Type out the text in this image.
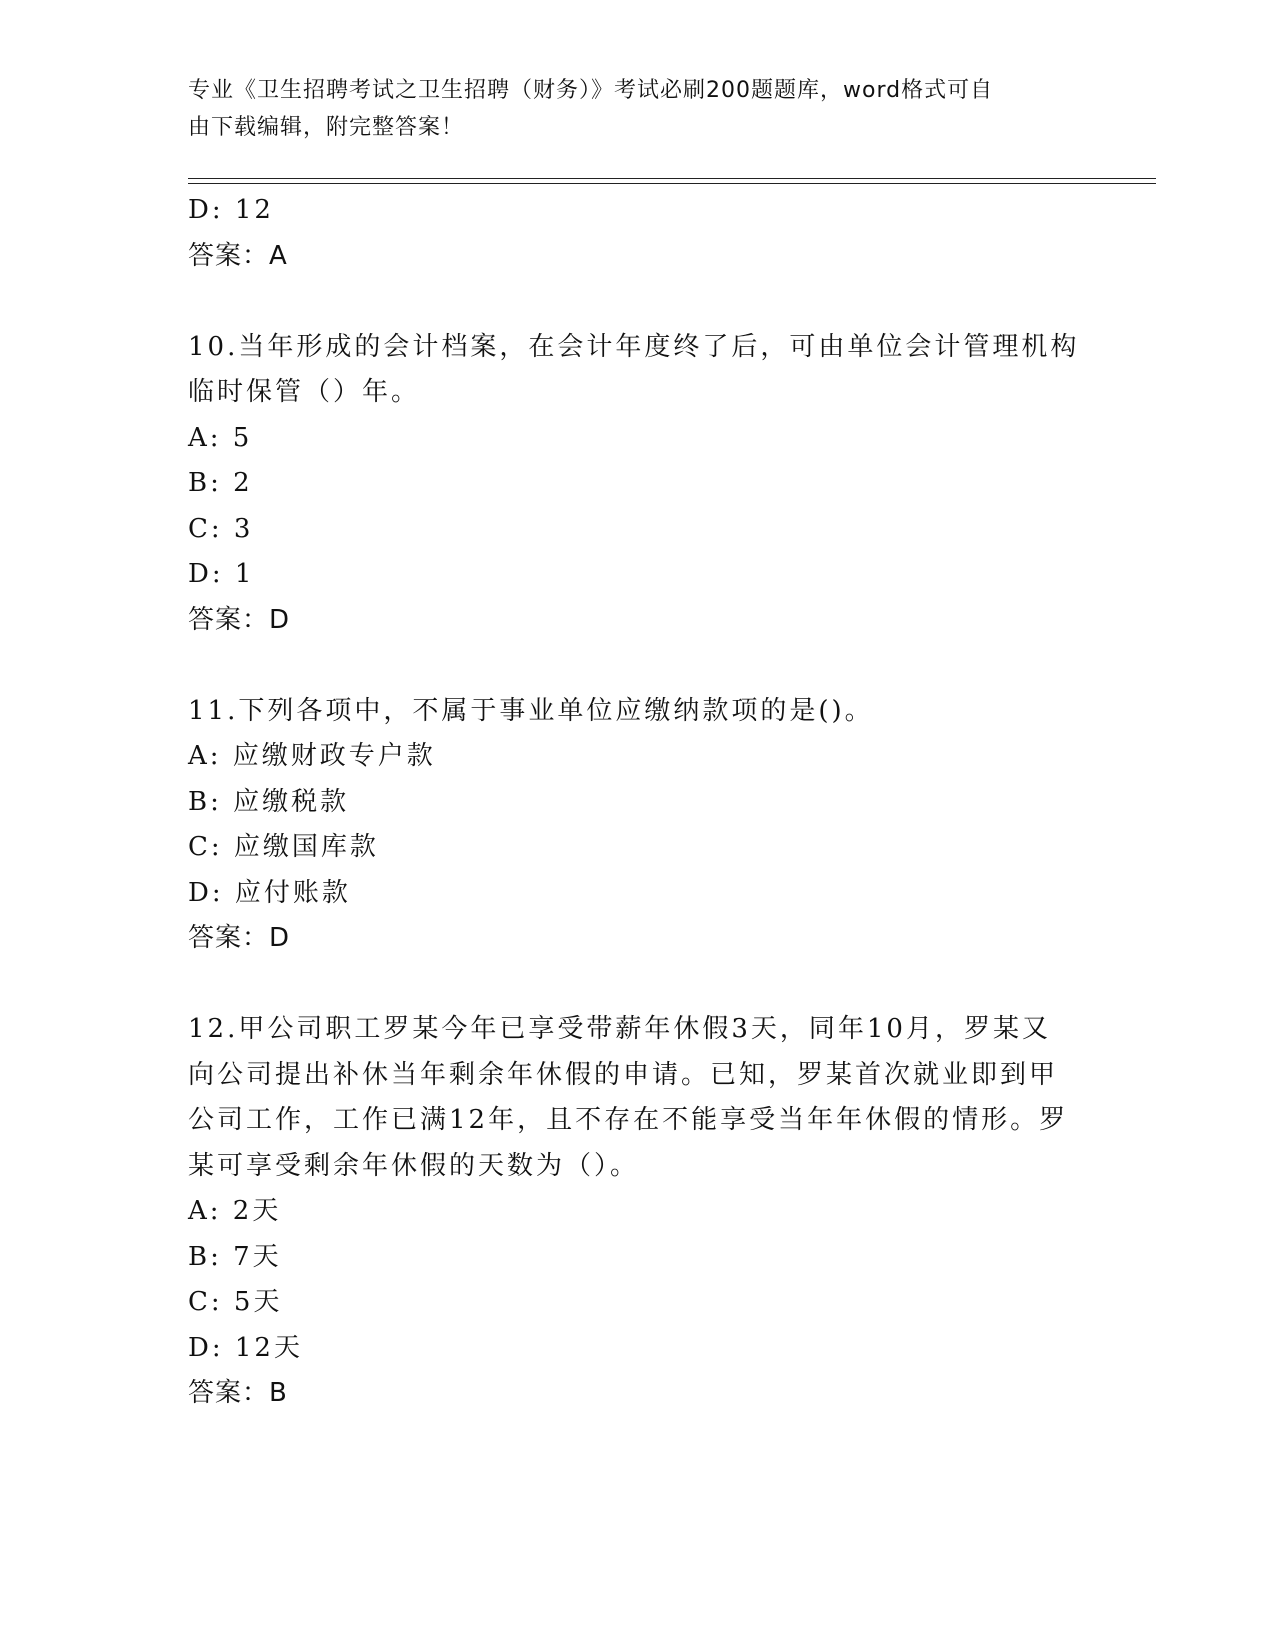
专业《卫生招聘考试之卫生招聘（财务）》考试必刷200题题库，word格式可自
由下载编辑，附完整答案！
D: 12
答案：A
10.当年形成的会计档案，在会计年度终了后，可由单位会计管理机构
临时保管（）年。
A: 5
B: 2
C: 3
D: 1
答案：D
11.下列各项中，不属于事业单位应缴纳款项的是()。
A: 应缴财政专户款
B: 应缴税款
C: 应缴国库款
D: 应付账款
答案：D
12.甲公司职工罗某今年已享受带薪年休假3天，同年10月，罗某又
向公司提出补休当年剩余年休假的申请。已知，罗某首次就业即到甲
公司工作，工作已满12年，且不存在不能享受当年年休假的情形。罗
某可享受剩余年休假的天数为（）。
A: 2天
B: 7天
C: 5天
D: 12天
答案：B
